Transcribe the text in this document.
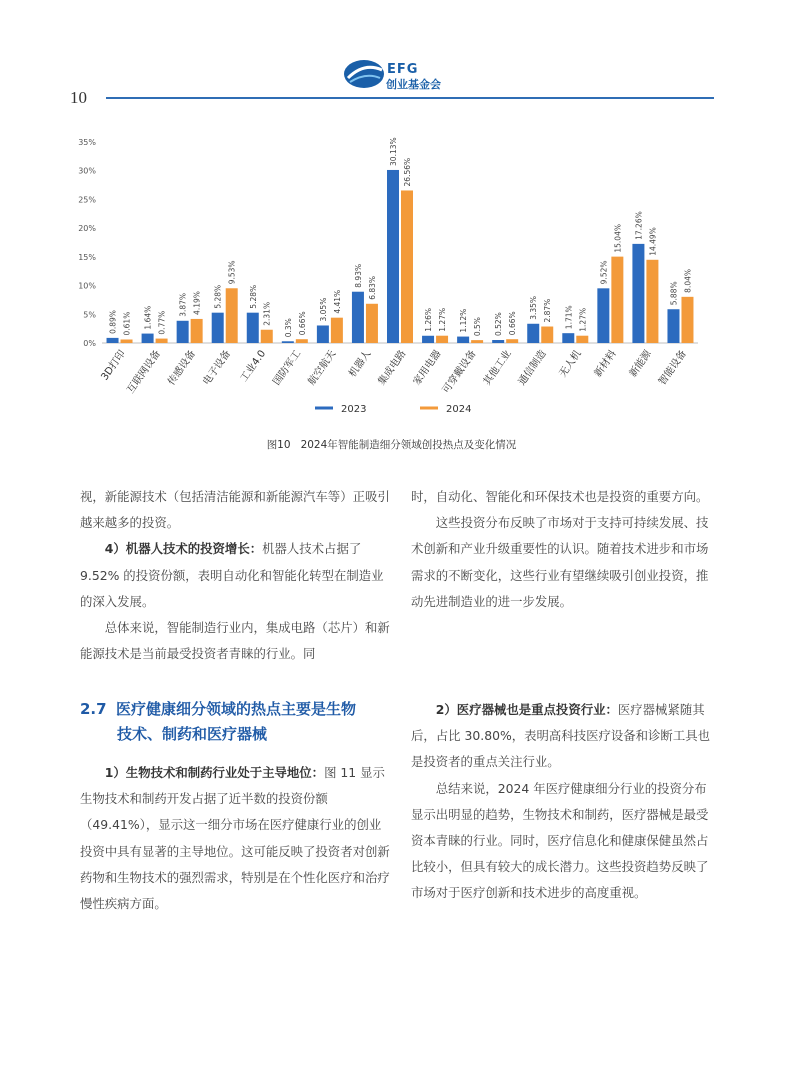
EFG
创业基金会
10
0%
5%
10%
15%
20%
25%
30%
35%
0.89% 0.61%
3D打印
1.64% 0.77%
互联网设备
3.87% 4.19%
传感设备
5.28%
9.53%
电子设备
5.28%
2.31%
工业4.0
0.3% 0.66%
国防军工
3.05% 4.41%
航空航天
8.93%
6.83%
机器人
30.13%
26.56%
集成电路
1.26% 1.27%
家用电器
1.12% 0.5%
可穿戴设备
0.52% 0.66%
其他工业
3.35% 2.87%
通信制造
1.71% 1.27%
无人机
9.52%
15.04%
新材料
17.26%
14.49%
新能源
5.88%
8.04%
智能设备
2023	2024
图10 2024年智能制造细分领域创投热点及变化情况

视，新能源技术（包括清洁能源和新能源汽车等）正吸引越来越多的投资。

4）机器人技术的投资增长：机器人技术占据了 9.52% 的投资份额，表明自动化和智能化转型在制造业的深入发展。

总体来说，智能制造行业内，集成电路（芯片）和新能源技术是当前最受投资者青睐的行业。同

时，自动化、智能化和环保技术也是投资的重要方向。

这些投资分布反映了市场对于支持可持续发展、技术创新和产业升级重要性的认识。随着技术进步和市场需求的不断变化，这些行业有望继续吸引创业投资，推动先进制造业的进一步发展。

2.7 医疗健康细分领域的热点主要是生物
技术、制药和医疗器械

1）生物技术和制药行业处于主导地位：图 11 显示生物技术和制药开发占据了近半数的投资份额（49.41%），显示这一细分市场在医疗健康行业的创业投资中具有显著的主导地位。这可能反映了投资者对创新药物和生物技术的强烈需求，特别是在个性化医疗和治疗慢性疾病方面。

2）医疗器械也是重点投资行业：医疗器械紧随其后，占比 30.80%，表明高科技医疗设备和诊断工具也是投资者的重点关注行业。

总结来说，2024 年医疗健康细分行业的投资分布显示出明显的趋势，生物技术和制药，医疗器械是最受资本青睐的行业。同时，医疗信息化和健康保健虽然占比较小，但具有较大的成长潜力。这些投资趋势反映了市场对于医疗创新和技术进步的高度重视。
